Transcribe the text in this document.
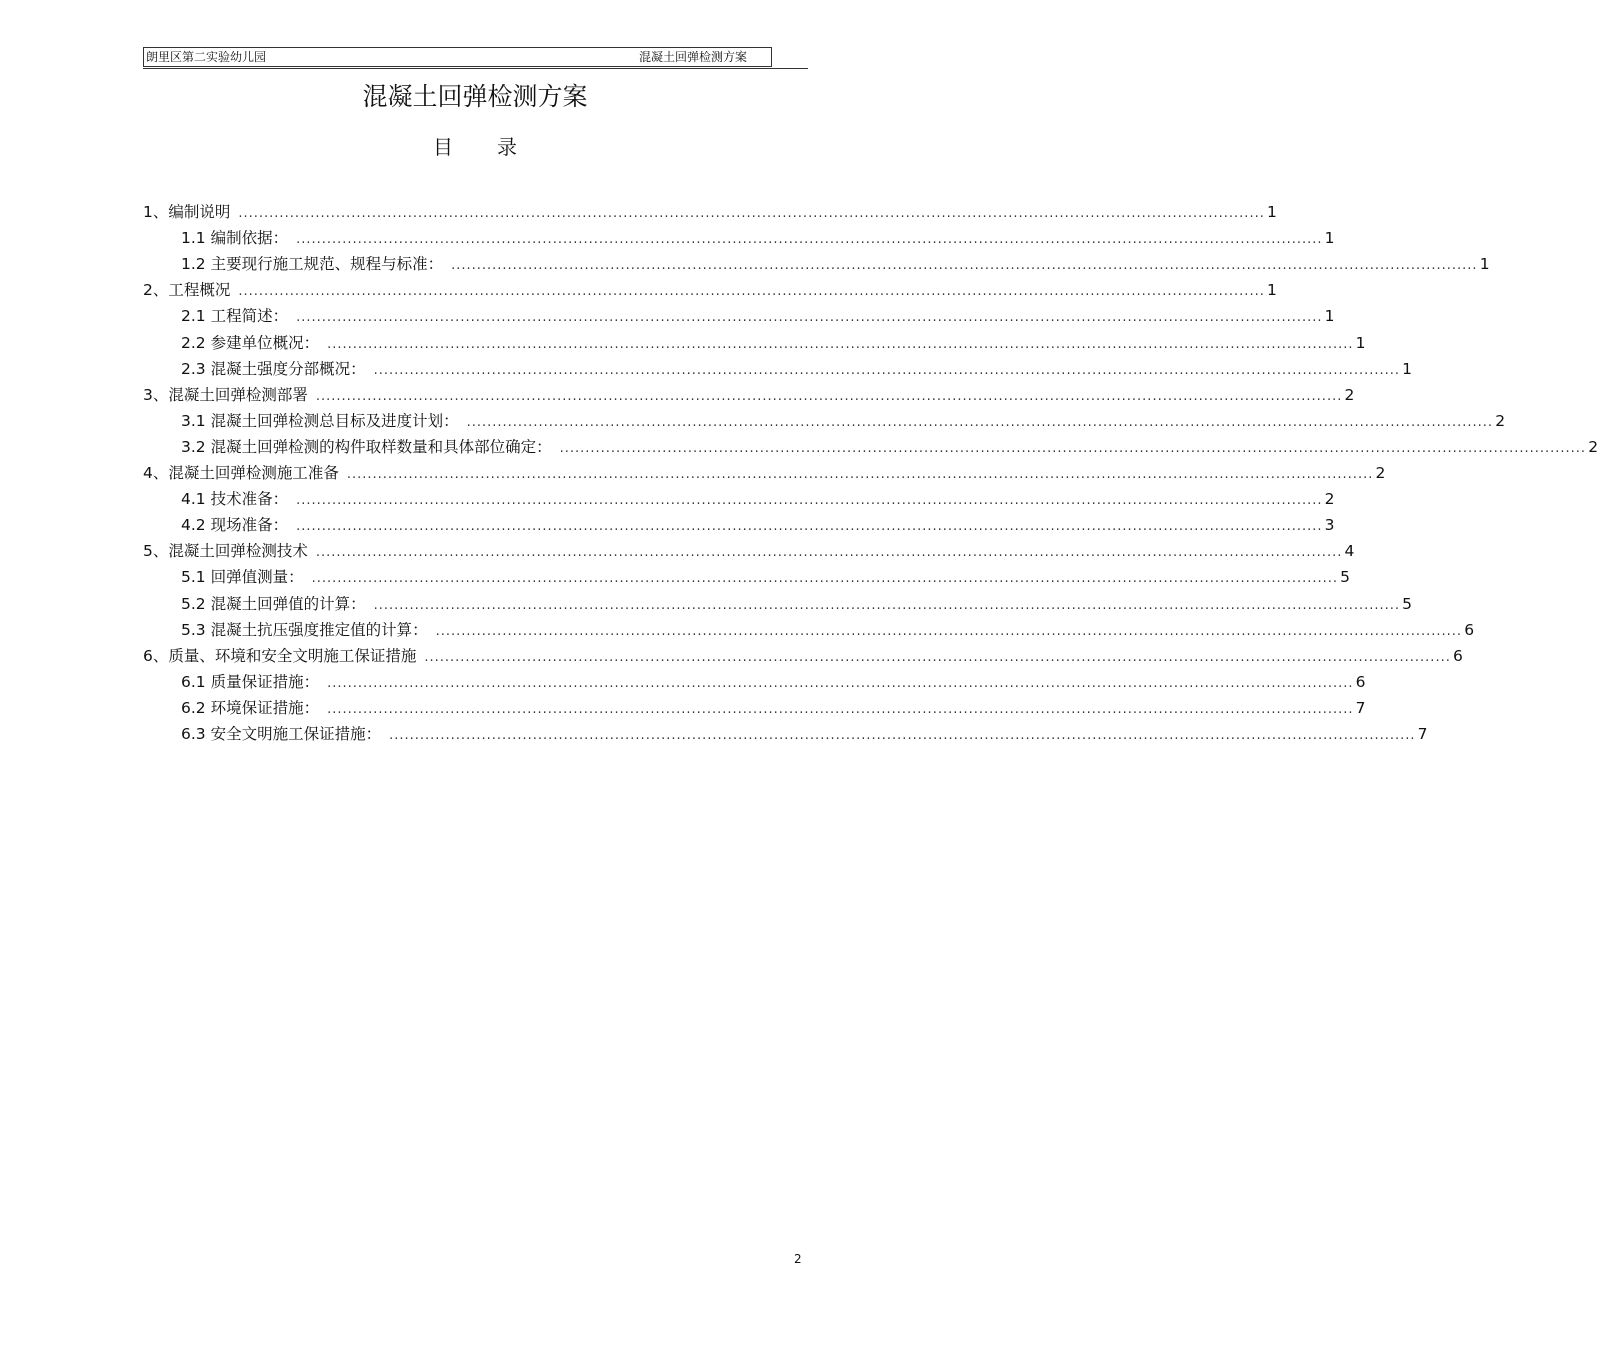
朗里区第二实验幼儿园	混凝土回弹检测方案
混凝土回弹检测方案
目录
1、编制说明 ........................................................................................................................................................................................................ 1
1.1 编制依据： ........................................................................................................................................................................................................ 1
1.2 主要现行施工规范、规程与标准： ........................................................................................................................................................................................................ 1
2、工程概况 ........................................................................................................................................................................................................ 1
2.1 工程简述： ........................................................................................................................................................................................................ 1
2.2 参建单位概况： ........................................................................................................................................................................................................ 1
2.3 混凝土强度分部概况： ........................................................................................................................................................................................................ 1
3、混凝土回弹检测部署 ........................................................................................................................................................................................................ 2
3.1 混凝土回弹检测总目标及进度计划： ........................................................................................................................................................................................................ 2
3.2 混凝土回弹检测的构件取样数量和具体部位确定： ........................................................................................................................................................................................................ 2
4、混凝土回弹检测施工准备 ........................................................................................................................................................................................................ 2
4.1 技术准备： ........................................................................................................................................................................................................ 2
4.2 现场准备： ........................................................................................................................................................................................................ 3
5、混凝土回弹检测技术 ........................................................................................................................................................................................................ 4
5.1 回弹值测量： ........................................................................................................................................................................................................ 5
5.2 混凝土回弹值的计算： ........................................................................................................................................................................................................ 5
5.3 混凝土抗压强度推定值的计算： ........................................................................................................................................................................................................ 6
6、质量、环境和安全文明施工保证措施 ........................................................................................................................................................................................................ 6
6.1 质量保证措施： ........................................................................................................................................................................................................ 6
6.2 环境保证措施： ........................................................................................................................................................................................................ 7
6.3 安全文明施工保证措施： ........................................................................................................................................................................................................ 7
2
